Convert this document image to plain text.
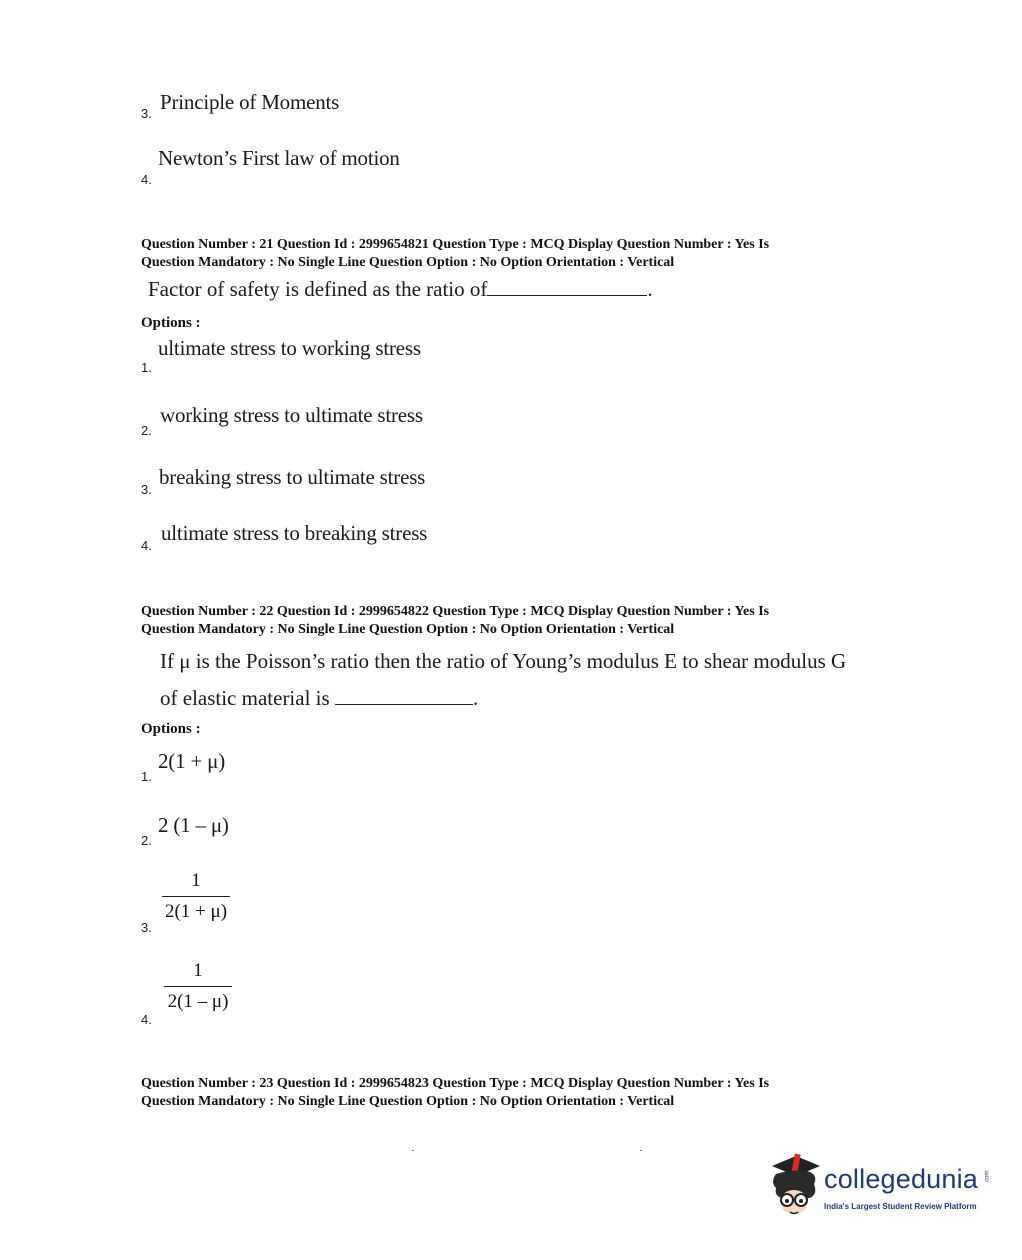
Principle of Moments
3.
Newton’s First law of motion
4.
Question Number : 21 Question Id : 2999654821 Question Type : MCQ Display Question Number : Yes Is
Question Mandatory : No Single Line Question Option : No Option Orientation : Vertical
Factor of safety is defined as the ratio of	.
Options :
ultimate stress to working stress
1.
working stress to ultimate stress
2.
breaking stress to ultimate stress
3.
ultimate stress to breaking stress
4.
Question Number : 22 Question Id : 2999654822 Question Type : MCQ Display Question Number : Yes Is
Question Mandatory : No Single Line Question Option : No Option Orientation : Vertical
If μ is the Poisson’s ratio then the ratio of Young’s modulus E to shear modulus G
of elastic material is	.
Options :
2(1 + μ)
1.
2 (1 – μ)
2.
1
2(1 + μ)
3.
1
2(1 – μ)
4.
Question Number : 23 Question Id : 2999654823 Question Type : MCQ Display Question Number : Yes Is
Question Mandatory : No Single Line Question Option : No Option Orientation : Vertical
collegedunia .com
India's Largest Student Review Platform
